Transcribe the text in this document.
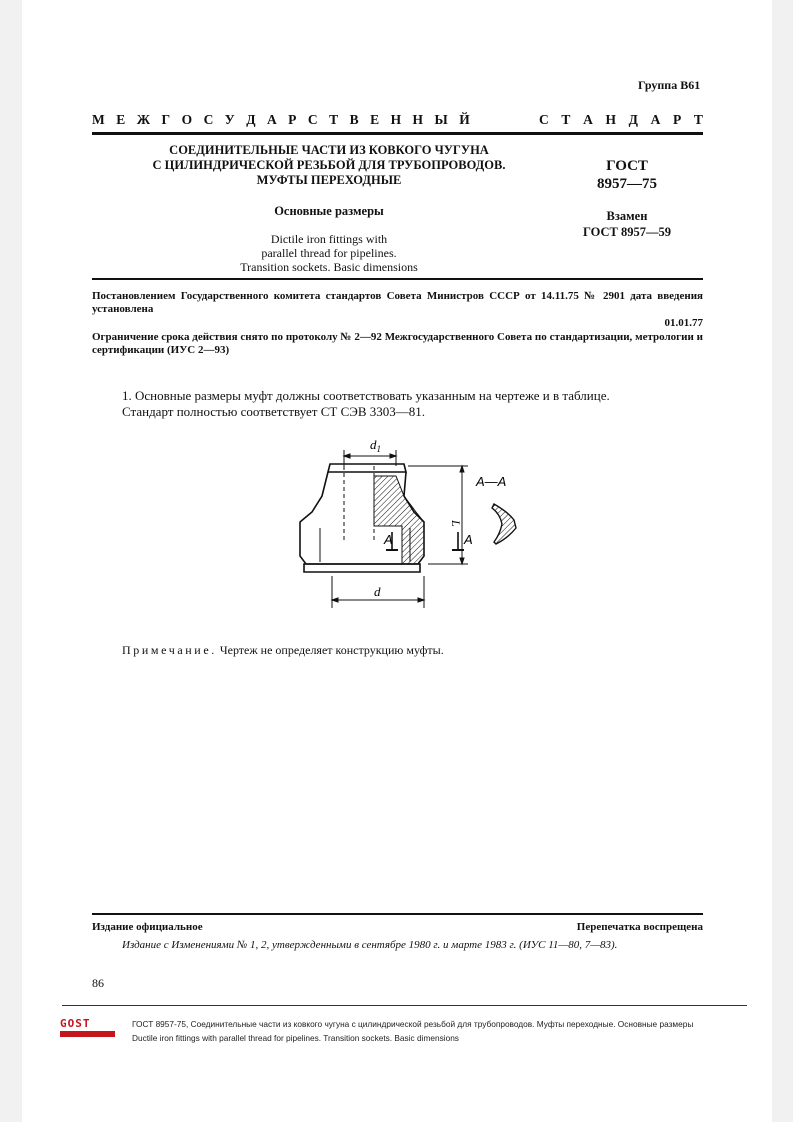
Группа В61
М Е Ж Г О С У Д А Р С Т В Е Н Н Ы Й	С Т А Н Д А Р Т
СОЕДИНИТЕЛЬНЫЕ ЧАСТИ ИЗ КОВКОГО ЧУГУНА
С ЦИЛИНДРИЧЕСКОЙ РЕЗЬБОЙ ДЛЯ ТРУБОПРОВОДОВ.
МУФТЫ ПЕРЕХОДНЫЕ
Основные размеры
Dictile iron fittings with
parallel thread for pipelines.
Transition sockets. Basic dimensions
ГОСТ
8957—75
Взамен
ГОСТ 8957—59
Постановлением Государственного комитета стандартов Совета Министров СССР от 14.11.75 № 2901 дата введения установлена
01.01.77
Ограничение срока действия снято по протоколу № 2—92 Межгосударственного Совета по стандартизации, метрологии и сертификации (ИУС 2—93)
1. Основные размеры муфт должны соответствовать указанным на чертеже и в таблице.
Стандарт полностью соответствует СТ СЭВ 3303—81.
$d_1$
d
L
А—А
А	А
Примечание. Чертеж не определяет конструкцию муфты.
Издание официальное	Перепечатка воспрещена
Издание с Изменениями № 1, 2, утвержденными в сентябре 1980 г. и марте 1983 г. (ИУС 11—80, 7—83).
86
GOST	ГОСТ 8957-75, Соединительные части из ковкого чугуна с цилиндрической резьбой для трубопроводов. Муфты переходные. Основные размеры
Ductile iron fittings with parallel thread for pipelines. Transition sockets. Basic dimensions
